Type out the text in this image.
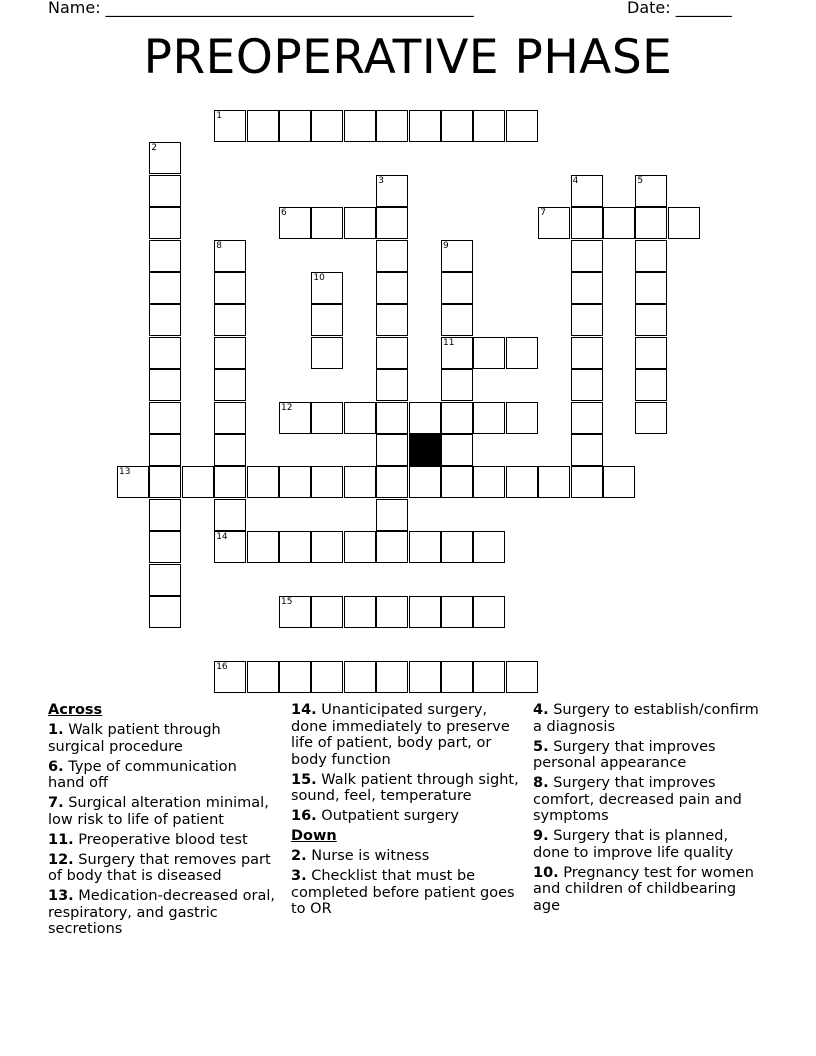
Name: ______________________________________________	Date: _______
PREOPERATIVE PHASE
1
2
3	4	5
6	7
8
14
9
11
10
12
13
15
16
Across
1. Walk patient through surgical procedure
6. Type of communication hand off
7. Surgical alteration minimal, low risk to life of patient
11. Preoperative blood test
12. Surgery that removes part of body that is diseased
13. Medication-decreased oral, respiratory, and gastric secretions
14. Unanticipated surgery, done immediately to preserve life of patient, body part, or body function
15. Walk patient through sight, sound, feel, temperature
16. Outpatient surgery
Down
2. Nurse is witness
3. Checklist that must be completed before patient goes to OR
4. Surgery to establish/confirm a diagnosis
5. Surgery that improves personal appearance
8. Surgery that improves comfort, decreased pain and symptoms
9. Surgery that is planned, done to improve life quality
10. Pregnancy test for women and children of childbearing age
